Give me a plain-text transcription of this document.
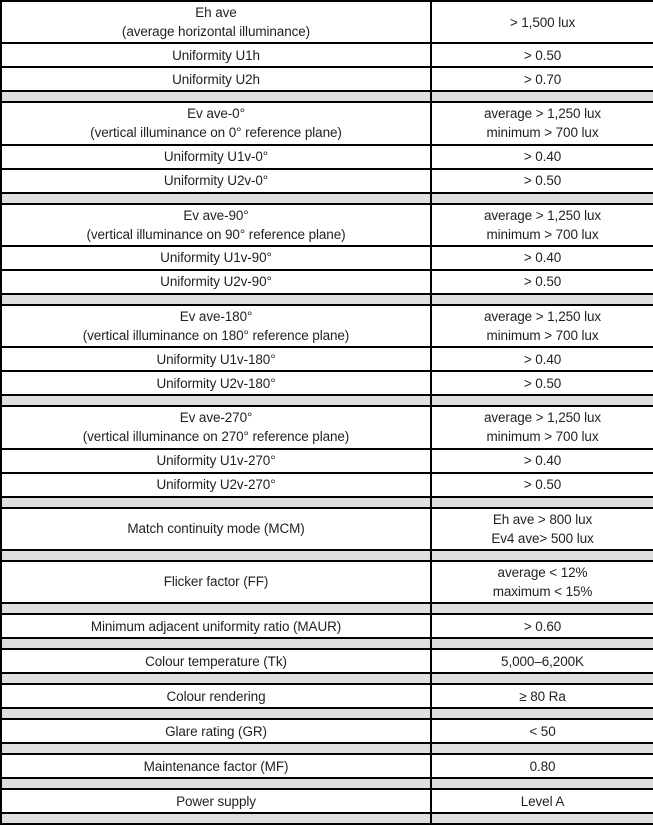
Eh ave
(average horizontal illuminance)	> 1,500 lux

Uniformity U1h	> 0.50

Uniformity U2h	> 0.70

Ev ave-0°
(vertical illuminance on 0° reference plane)	average > 1,250 lux
minimum > 700 lux

Uniformity U1v-0°	> 0.40

Uniformity U2v-0°	> 0.50

Ev ave-90°
(vertical illuminance on 90° reference plane)	average > 1,250 lux
minimum > 700 lux

Uniformity U1v-90°	> 0.40

Uniformity U2v-90°	> 0.50

Ev ave-180°
(vertical illuminance on 180° reference plane)	average > 1,250 lux
minimum > 700 lux

Uniformity U1v-180°	> 0.40

Uniformity U2v-180°	> 0.50

Ev ave-270°
(vertical illuminance on 270° reference plane)	average > 1,250 lux
minimum > 700 lux

Uniformity U1v-270°	> 0.40

Uniformity U2v-270°	> 0.50

Match continuity mode (MCM)	Eh ave > 800 lux
Ev4 ave> 500 lux

Flicker factor (FF)	average < 12%
maximum < 15%

Minimum adjacent uniformity ratio (MAUR)	> 0.60

Colour temperature (Tk)	5,000–6,200K

Colour rendering	≥ 80 Ra

Glare rating (GR)	< 50

Maintenance factor (MF)	0.80

Power supply	Level A
